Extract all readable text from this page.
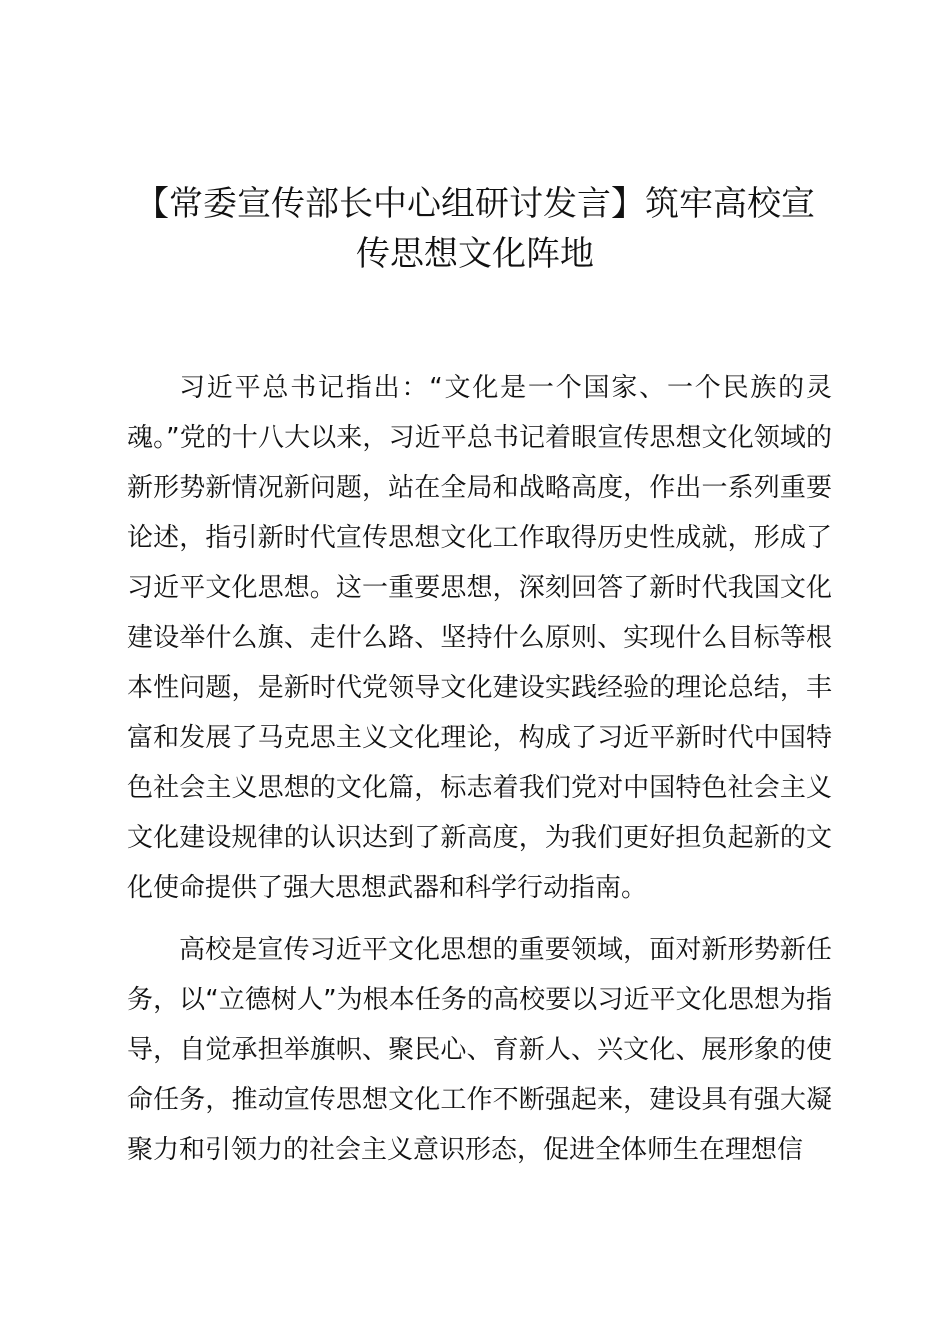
【常委宣传部长中心组研讨发言】筑牢高校宣
传思想文化阵地

习近平总书记指出：“文化是一个国家、一个民族的灵魂。”党的十八大以来，习近平总书记着眼宣传思想文化领域的新形势新情况新问题，站在全局和战略高度，作出一系列重要论述，指引新时代宣传思想文化工作取得历史性成就，形成了习近平文化思想。这一重要思想，深刻回答了新时代我国文化建设举什么旗、走什么路、坚持什么原则、实现什么目标等根本性问题，是新时代党领导文化建设实践经验的理论总结，丰富和发展了马克思主义文化理论，构成了习近平新时代中国特色社会主义思想的文化篇，标志着我们党对中国特色社会主义文化建设规律的认识达到了新高度，为我们更好担负起新的文化使命提供了强大思想武器和科学行动指南。

高校是宣传习近平文化思想的重要领域，面对新形势新任务，以“立德树人”为根本任务的高校要以习近平文化思想为指导，自觉承担举旗帜、聚民心、育新人、兴文化、展形象的使命任务，推动宣传思想文化工作不断强起来，建设具有强大凝聚力和引领力的社会主义意识形态，促进全体师生在理想信
